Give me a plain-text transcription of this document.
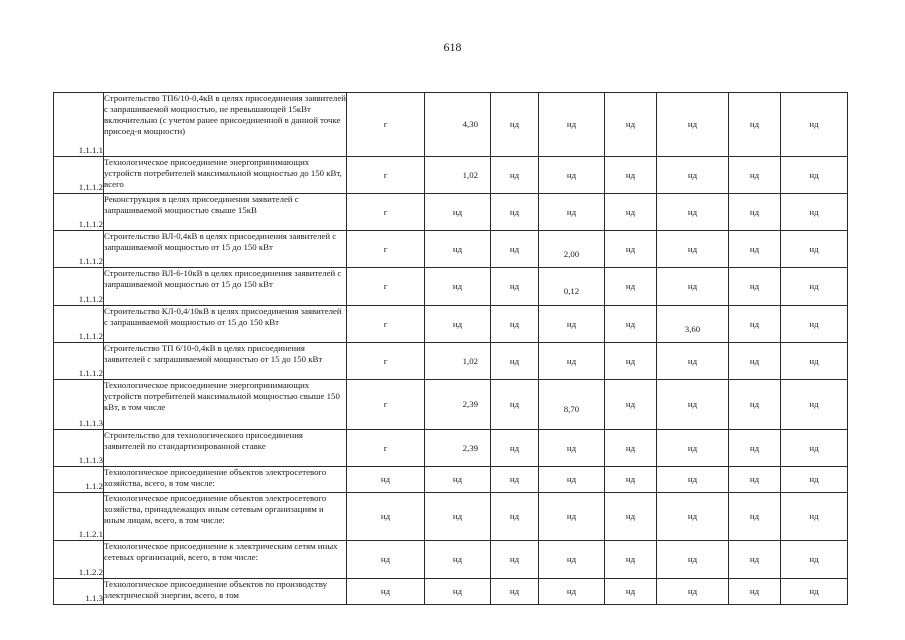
618
1.1.1.1	Строительство ТП6/10-0,4кВ в целях присоединения заявителей с запрашиваемой мощностью, не превышающей 15кВт включительно (с учетом ранее присоединенной в данной точке присоед-я мощности)	г	4,30	нд	нд	нд	нд	нд	нд
1.1.1.2	Технологическое присоединение энергопринимающих устройств потребителей максимальной мощностью до 150 кВт, всего	г	1,02	нд	нд	нд	нд	нд	нд
1.1.1.2	Реконструкция в целях присоединения заявителей с запрашиваемой мощностью свыше 15кВ	г	нд	нд	нд	нд	нд	нд	нд
1.1.1.2	Строительство ВЛ-0,4кВ в целях присоединения заявителей с запрашиваемой мощностью от 15 до 150 кВт	г	нд	нд	2,00	нд	нд	нд	нд
1.1.1.2	Строительство ВЛ-6-10кВ в целях присоединения заявителей с запрашиваемой мощностью от 15 до 150 кВт	г	нд	нд	0,12	нд	нд	нд	нд
1.1.1.2	Строительство КЛ-0,4/10кВ в целях присоединения заявителей с запрашиваемой мощностью от 15 до 150 кВт	г	нд	нд	нд	нд	3,60	нд	нд
1.1.1.2	Строительство ТП 6/10-0,4кВ в целях присоединения заявителей с запрашиваемой мощностью от 15 до 150 кВт	г	1,02	нд	нд	нд	нд	нд	нд
1.1.1.3	Технологическое присоединение энергопринимающих устройств потребителей максимальной мощностью свыше 150 кВт, в том числе	г	2,39	нд	8,70	нд	нд	нд	нд
1.1.1.3	Строительство для технологического присоединения заявителей по стандартизированной ставке	г	2,39	нд	нд	нд	нд	нд	нд
1.1.2	Технологическое присоединение объектов электросетевого хозяйства, всего, в том числе:	нд	нд	нд	нд	нд	нд	нд	нд
1.1.2.1	Технологическое присоединение объектов электросетевого хозяйства, принадлежащих иным сетевым организациям и иным лицам, всего, в том числе:	нд	нд	нд	нд	нд	нд	нд	нд
1.1.2.2	Технологическое присоединение к электрическим сетям иных сетевых организаций, всего, в том числе:	нд	нд	нд	нд	нд	нд	нд	нд
1.1.3	Технологическое присоединение объектов по производству электрической энергии, всего, в том	нд	нд	нд	нд	нд	нд	нд	нд
